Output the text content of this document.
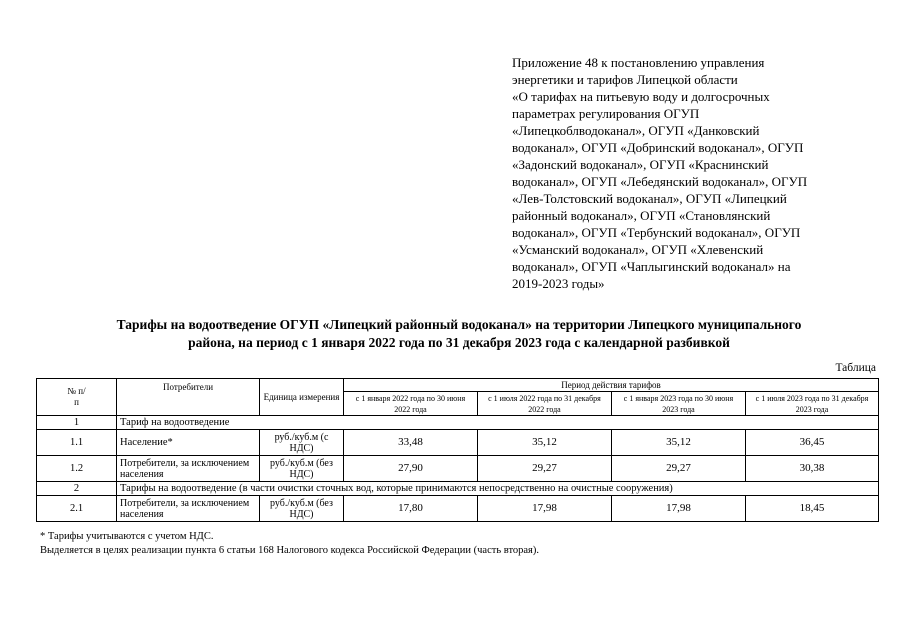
Приложение 48 к постановлению управления
энергетики и тарифов Липецкой области
«О тарифах на питьевую воду и долгосрочных
параметрах регулирования ОГУП
«Липецкоблводоканал», ОГУП «Данковский
водоканал», ОГУП «Добринский водоканал», ОГУП
«Задонский водоканал», ОГУП «Краснинский
водоканал», ОГУП «Лебедянский водоканал», ОГУП
«Лев-Толстовский водоканал», ОГУП «Липецкий
районный водоканал», ОГУП «Становлянский
водоканал», ОГУП «Тербунский водоканал», ОГУП
«Усманский водоканал», ОГУП «Хлевенский
водоканал», ОГУП «Чаплыгинский водоканал» на
2019-2023 годы»
Тарифы на водоотведение ОГУП «Липецкий районный водоканал» на территории Липецкого муниципального
района, на период с 1 января 2022 года по 31 декабря 2023 года с календарной разбивкой
Таблица
№ п/п	Потребители	Единица измерения	Период действия тарифов			
			с 1 января 2022 года по 30 июня 2022 года	с 1 июля 2022 года по 31 декабря 2022 года	с 1 января 2023 года по 30 июня 2023 года	с 1 июля 2023 года по 31 декабря 2023 года
1	Тариф на водоотведение					
1.1	Население*	руб./куб.м (с НДС)	33,48	35,12	35,12	36,45
1.2	Потребители, за исключением населения	руб./куб.м (без НДС)	27,90	29,27	29,27	30,38
2	Тарифы на водоотведение (в части очистки сточных вод, которые принимаются непосредственно на очистные сооружения)					
2.1	Потребители, за исключением населения	руб./куб.м (без НДС)	17,80	17,98	17,98	18,45
* Тарифы учитываются с учетом НДС.
Выделяется в целях реализации пункта 6 статьи 168 Налогового кодекса Российской Федерации (часть вторая).
